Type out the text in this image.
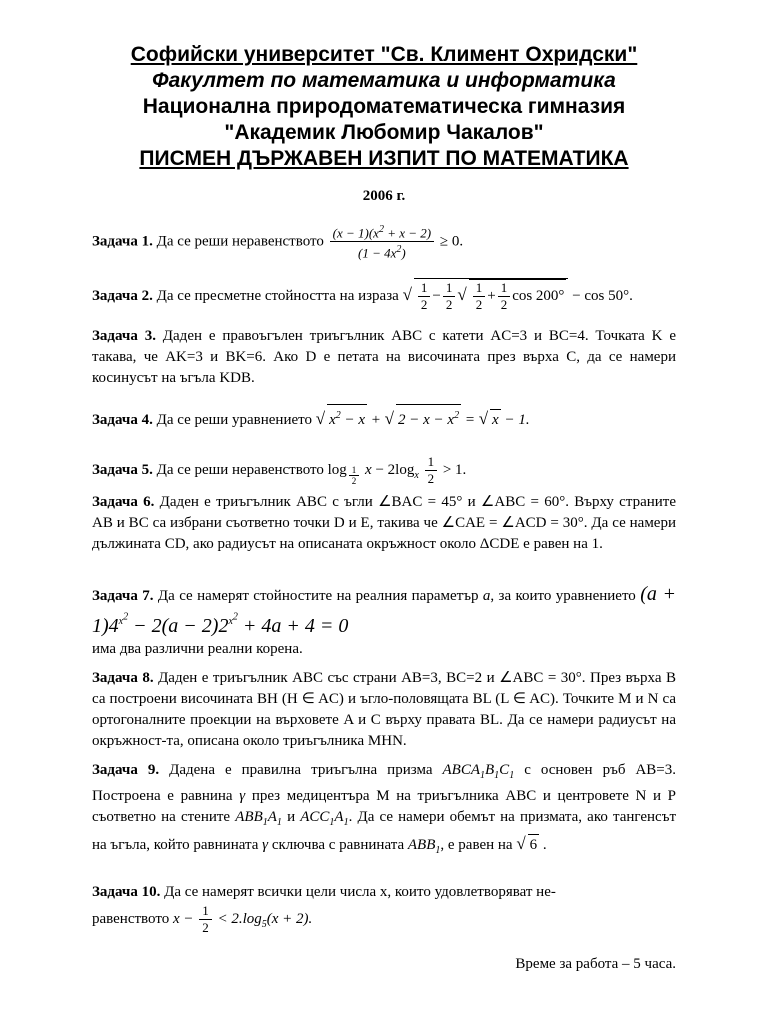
Софийски университет "Св. Климент Охридски"
Факултет по математика и информатика
Национална природоматематическа гимназия
"Академик Любомир Чакалов"
ПИСМЕН ДЪРЖАВЕН ИЗПИТ ПО МАТЕМАТИКА
2006 г.
Задача 1. Да се реши неравенството $\frac{(x - 1)(x^2 + x - 2)}{(1 - 4x^2)} \ge 0$.
Задача 2. Да се пресметне стойността на израза √ $\frac{1}{2} - \frac{1}{2}$ √ $\frac{1}{2} + \frac{1}{2}$ cos 200° − cos 50°.
Задача 3. Даден е правоъгълен триъгълник ABC с катети AC=3 и BC=4. Точката K е такава, че AK=3 и BK=6. Ако D е петата на височината през върха C, да се намери косинусът на ъгъла KDB.
Задача 4. Да се реши уравнението √ $x^2 - x$ + √ $2 - x - x^2$ = √ x − 1.
Задача 5. Да се реши неравенството log $_{\frac{1}{2}}$ $x - 2\log_x \frac{1}{2} > 1$.
Задача 6. Даден е триъгълник ABC с ъгли ∠BAC = 45° и ∠ABC = 60°. Върху страните AB и BC са избрани съответно точки D и E, такива че ∠CAE = ∠ACD = 30°. Да се намери дължината CD, ако радиусът на описаната окръжност около ΔCDE е равен на 1.
Задача 7. Да се намерят стойностите на реалния параметър a, за които уравнението $(a + 1)4^{x^2} - 2(a - 2)2^{x^2} + 4a + 4 = 0$
има два различни реални корена.
Задача 8. Даден е триъгълник ABC със страни AB=3, BC=2 и ∠ABC = 30°. През върха B са построени височината BH (H ∈ AC) и ъгло-половящата BL (L ∈ AC). Точките M и N са ортогоналните проекции на върховете A и C върху правата BL. Да се намери радиусът на окръжност-та, описана около триъгълника MHN.
Задача 9. Дадена е правилна триъгълна призма $ABCA_1B_1C_1$ с основен ръб AB=3. Построена е равнина γ през медицентъра M на триъгълника ABC и центровете N и P съответно на стените $ABB_1A_1$ и $ACC_1A_1$. Да се намери обемът на призмата, ако тангенсът на ъгъла, който равнината γ сключва с равнината $ABB_1$, е равен на √ 6 .
Задача 10. Да се намерят всички цели числа x, които удовлетворяват не-
равенството $x - \frac{1}{2} < 2.\log_5(x + 2)$.
Време за работа – 5 часа.
